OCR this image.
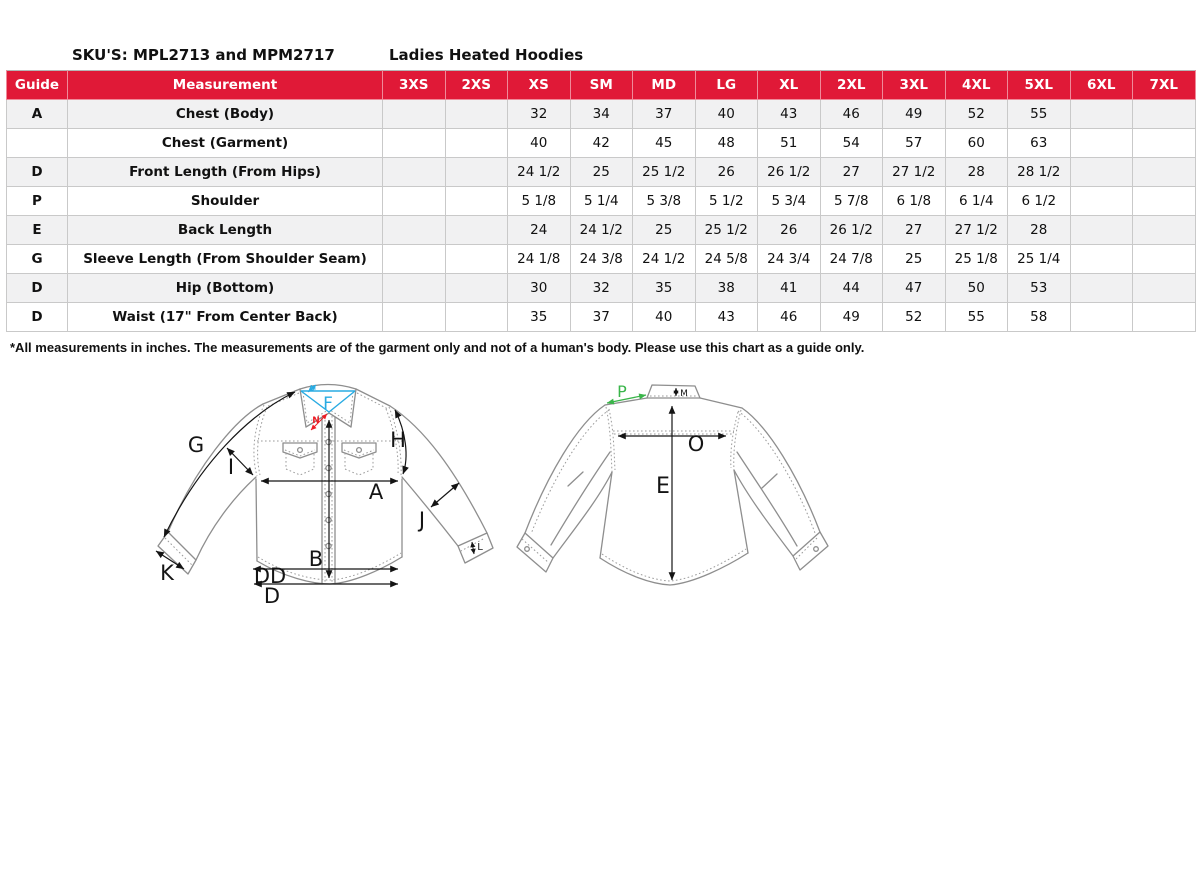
SKU'S: MPL2713 and MPM2717	Ladies Heated Hoodies
Guide	Measurement	3XS	2XS	XS	SM	MD	LG	XL	2XL	3XL	4XL	5XL	6XL	7XL
A	Chest (Body)			32	34	37	40	43	46	49	52	55		
	Chest (Garment)			40	42	45	48	51	54	57	60	63		
D	Front Length (From Hips)			24 1/2	25	25 1/2	26	26 1/2	27	27 1/2	28	28 1/2		
P	Shoulder			5 1/8	5 1/4	5 3/8	5 1/2	5 3/4	5 7/8	6 1/8	6 1/4	6 1/2		
E	Back Length			24	24 1/2	25	25 1/2	26	26 1/2	27	27 1/2	28		
G	Sleeve Length (From Shoulder Seam)			24 1/8	24 3/8	24 1/2	24 5/8	24 3/4	24 7/8	25	25 1/8	25 1/4		
D	Hip (Bottom)			30	32	35	38	41	44	47	50	53		
D	Waist (17" From Center Back)			35	37	40	43	46	49	52	55	58		
*All measurements in inches. The measurements are of the garment only and not of a human's body. Please use this chart as a guide only.
G
I
A
H
J
K
B
DD
D
F
M
N
L
E
O
M
P
